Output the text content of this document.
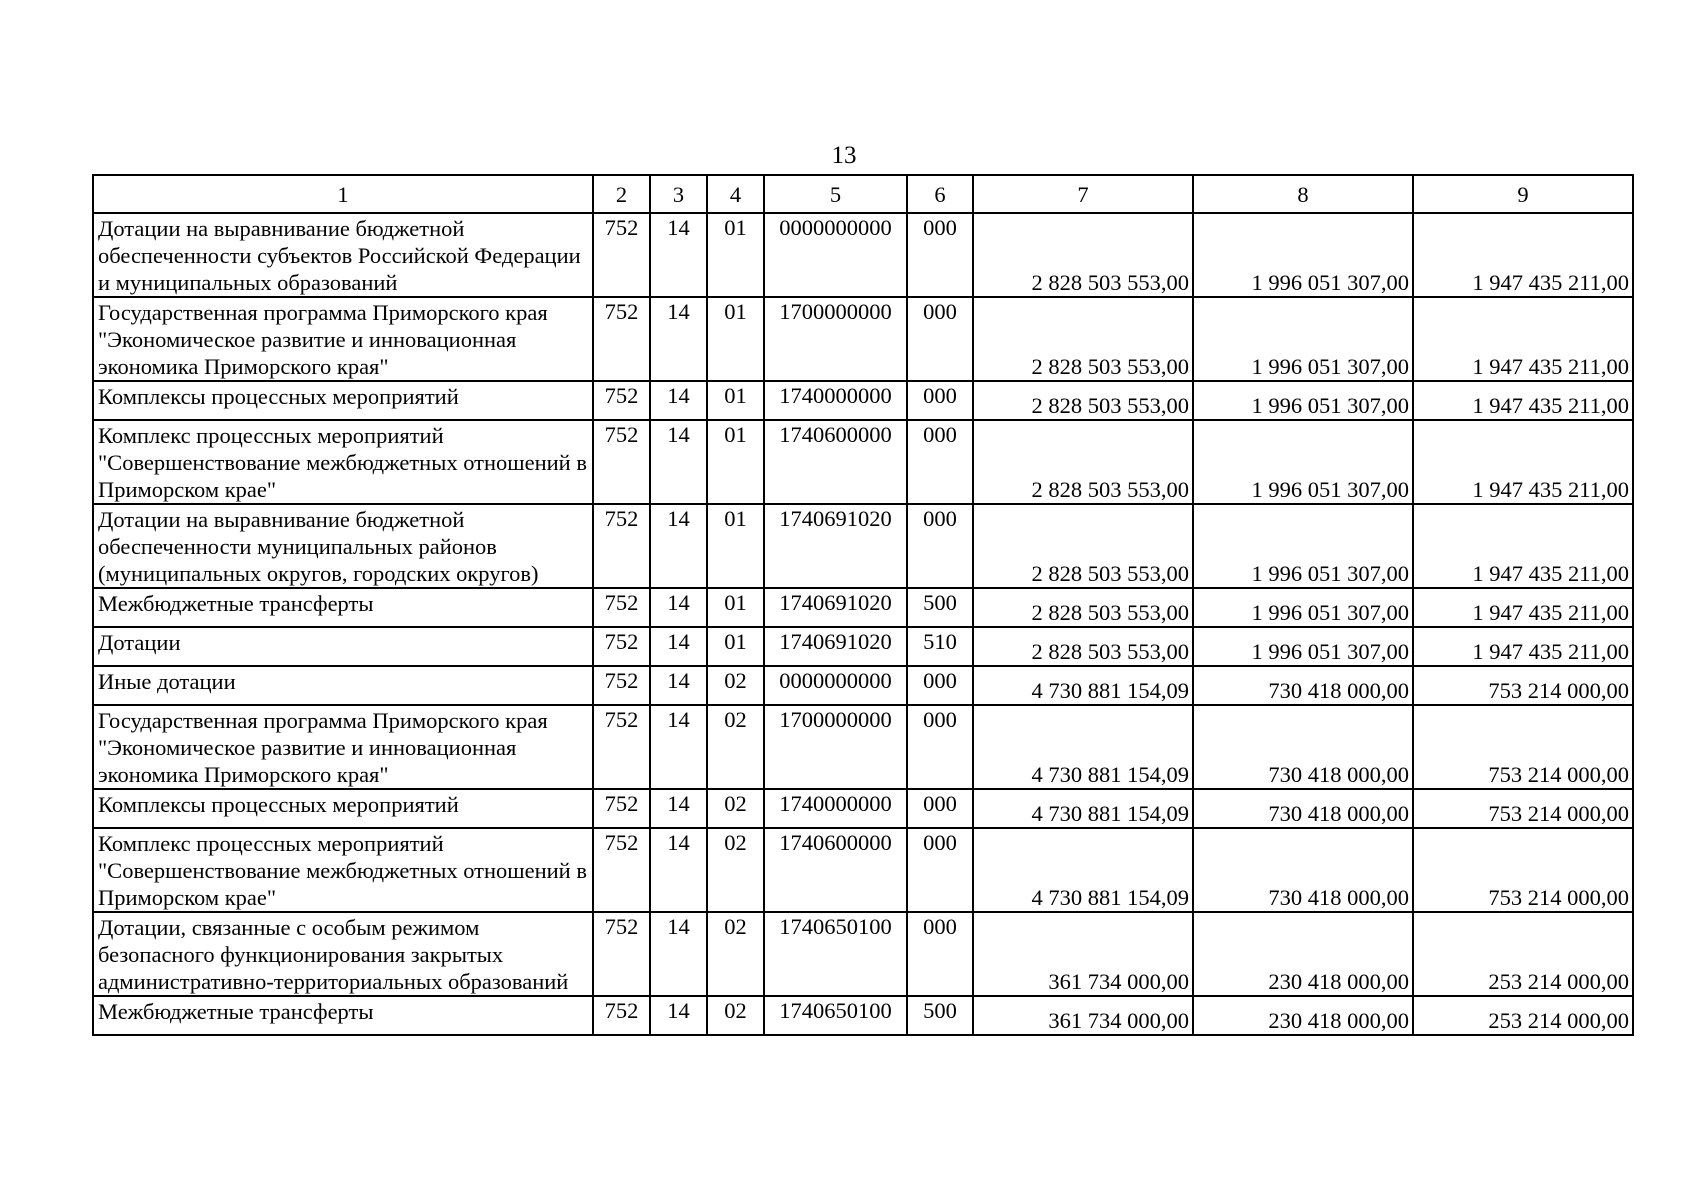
13
1	2	3	4	5	6	7	8	9
Дотации на выравнивание бюджетной обеспеченности субъектов Российской Федерации и муниципальных образований	752	14	01	0000000000	000	2 828 503 553,00	1 996 051 307,00	1 947 435 211,00
Государственная программа Приморского края "Экономическое развитие и инновационная экономика Приморского края"	752	14	01	1700000000	000	2 828 503 553,00	1 996 051 307,00	1 947 435 211,00
Комплексы процессных мероприятий	752	14	01	1740000000	000	2 828 503 553,00	1 996 051 307,00	1 947 435 211,00
Комплекс процессных мероприятий "Совершенствование межбюджетных отношений в Приморском крае"	752	14	01	1740600000	000	2 828 503 553,00	1 996 051 307,00	1 947 435 211,00
Дотации на выравнивание бюджетной обеспеченности муниципальных районов (муниципальных округов, городских округов)	752	14	01	1740691020	000	2 828 503 553,00	1 996 051 307,00	1 947 435 211,00
Межбюджетные трансферты	752	14	01	1740691020	500	2 828 503 553,00	1 996 051 307,00	1 947 435 211,00
Дотации	752	14	01	1740691020	510	2 828 503 553,00	1 996 051 307,00	1 947 435 211,00
Иные дотации	752	14	02	0000000000	000	4 730 881 154,09	730 418 000,00	753 214 000,00
Государственная программа Приморского края "Экономическое развитие и инновационная экономика Приморского края"	752	14	02	1700000000	000	4 730 881 154,09	730 418 000,00	753 214 000,00
Комплексы процессных мероприятий	752	14	02	1740000000	000	4 730 881 154,09	730 418 000,00	753 214 000,00
Комплекс процессных мероприятий "Совершенствование межбюджетных отношений в Приморском крае"	752	14	02	1740600000	000	4 730 881 154,09	730 418 000,00	753 214 000,00
Дотации, связанные с особым режимом безопасного функционирования закрытых административно-территориальных образований	752	14	02	1740650100	000	361 734 000,00	230 418 000,00	253 214 000,00
Межбюджетные трансферты	752	14	02	1740650100	500	361 734 000,00	230 418 000,00	253 214 000,00
